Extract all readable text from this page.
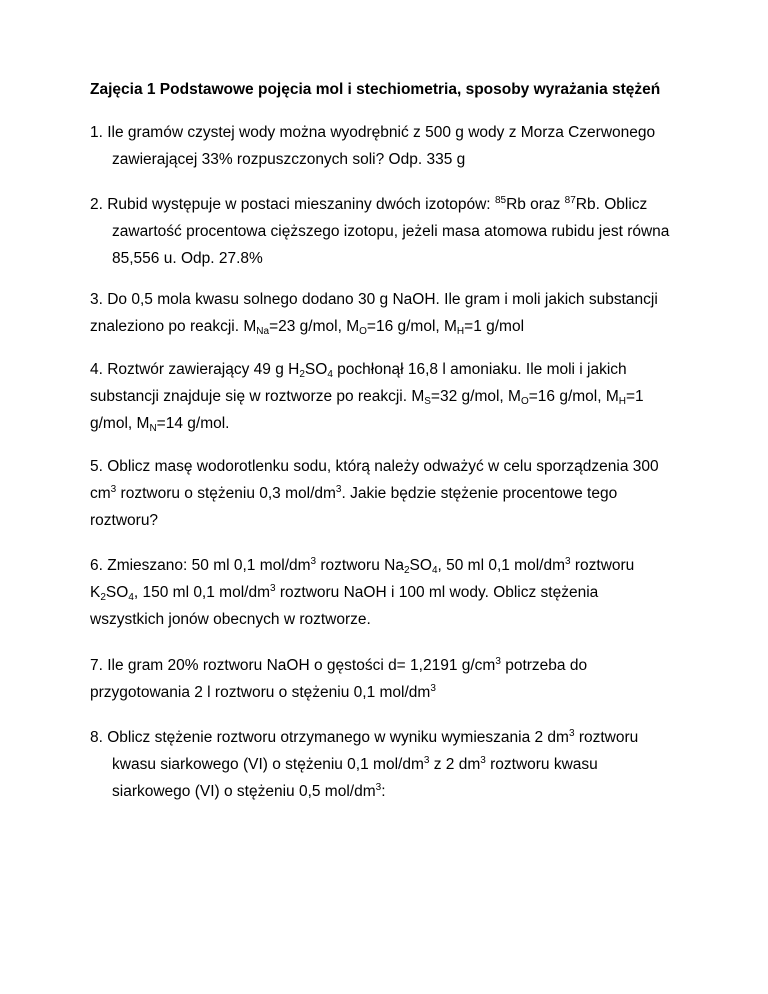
Zajęcia 1 Podstawowe pojęcia mol i stechiometria, sposoby wyrażania stężeń
1. Ile gramów czystej wody można wyodrębnić z 500 g wody z Morza Czerwonego
zawierającej 33% rozpuszczonych soli? Odp. 335 g
2. Rubid występuje w postaci mieszaniny dwóch izotopów: $^{85}$Rb oraz $^{87}$Rb. Oblicz
zawartość procentowa cięższego izotopu, jeżeli masa atomowa rubidu jest równa
85,556 u. Odp. 27.8%
3. Do 0,5 mola kwasu solnego dodano 30 g NaOH. Ile gram i moli jakich substancji
znaleziono po reakcji. $M_{Na}=23$ g/mol, $M_O=16$ g/mol, $M_H=1$ g/mol
4. Roztwór zawierający 49 g $H_2SO_4$ pochłonął 16,8 l amoniaku. Ile moli i jakich
substancji znajduje się w roztworze po reakcji. $M_S=32$ g/mol, $M_O=16$ g/mol, $M_H=1$
g/mol, $M_N=14$ g/mol.
5. Oblicz masę wodorotlenku sodu, którą należy odważyć w celu sporządzenia 300
$cm^3$ roztworu o stężeniu 0,3 mol/$dm^3$. Jakie będzie stężenie procentowe tego
roztworu?
6. Zmieszano: 50 ml 0,1 mol/$dm^3$ roztworu $Na_2SO_4$, 50 ml 0,1 mol/$dm^3$ roztworu
$K_2SO_4$, 150 ml 0,1 mol/$dm^3$ roztworu NaOH i 100 ml wody. Oblicz stężenia
wszystkich jonów obecnych w roztworze.
7. Ile gram 20% roztworu NaOH o gęstości d= 1,2191 $g/cm^3$ potrzeba do
przygotowania 2 l roztworu o stężeniu 0,1 mol/$dm^3$
8. Oblicz stężenie roztworu otrzymanego w wyniku wymieszania 2 $dm^3$ roztworu
kwasu siarkowego (VI) o stężeniu 0,1 mol/$dm^3$ z 2 $dm^3$ roztworu kwasu
siarkowego (VI) o stężeniu 0,5 mol/$dm^3$:
